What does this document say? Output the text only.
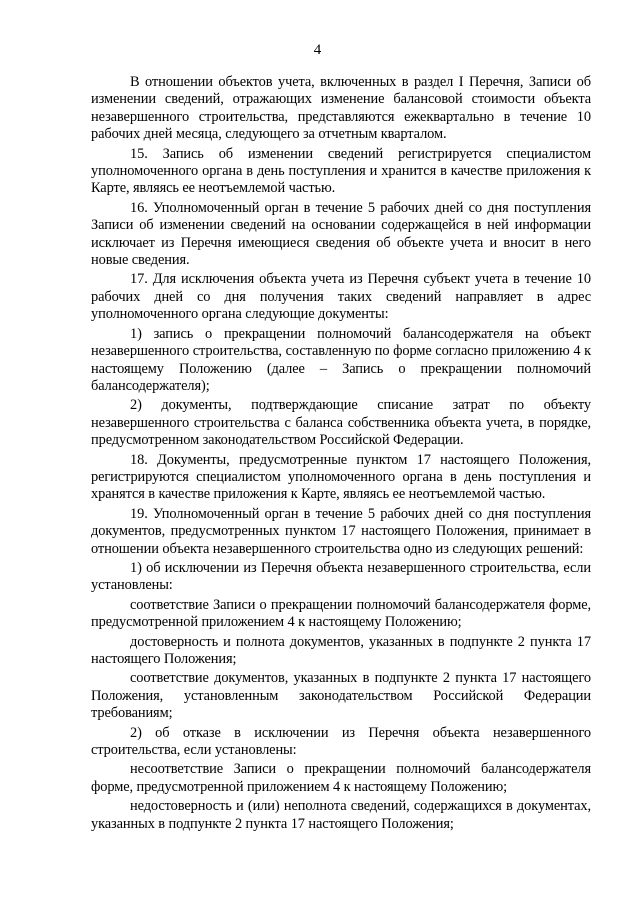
4

В отношении объектов учета, включенных в раздел I Перечня, Записи об изменении сведений, отражающих изменение балансовой стоимости объекта незавершенного строительства, представляются ежеквартально в течение 10 рабочих дней месяца, следующего за отчетным кварталом.

15. Запись об изменении сведений регистрируется специалистом уполномоченного органа в день поступления и хранится в качестве приложения к Карте, являясь ее неотъемлемой частью.

16. Уполномоченный орган в течение 5 рабочих дней со дня поступления Записи об изменении сведений на основании содержащейся в ней информации исключает из Перечня имеющиеся сведения об объекте учета и вносит в него новые сведения.

17. Для исключения объекта учета из Перечня субъект учета в течение 10 рабочих дней со дня получения таких сведений направляет в адрес уполномоченного органа следующие документы:

1) запись о прекращении полномочий балансодержателя на объект незавершенного строительства, составленную по форме согласно приложению 4 к настоящему Положению (далее – Запись о прекращении полномочий балансодержателя);

2) документы, подтверждающие списание затрат по объекту незавершенного строительства с баланса собственника объекта учета, в порядке, предусмотренном законодательством Российской Федерации.

18. Документы, предусмотренные пунктом 17 настоящего Положения, регистрируются специалистом уполномоченного органа в день поступления и хранятся в качестве приложения к Карте, являясь ее неотъемлемой частью.

19. Уполномоченный орган в течение 5 рабочих дней со дня поступления документов, предусмотренных пунктом 17 настоящего Положения, принимает в отношении объекта незавершенного строительства одно из следующих решений:

1) об исключении из Перечня объекта незавершенного строительства, если установлены:

соответствие Записи о прекращении полномочий балансодержателя форме, предусмотренной приложением 4 к настоящему Положению;

достоверность и полнота документов, указанных в подпункте 2 пункта 17 настоящего Положения;

соответствие документов, указанных в подпункте 2 пункта 17 настоящего Положения, установленным законодательством Российской Федерации требованиям;

2) об отказе в исключении из Перечня объекта незавершенного строительства, если установлены:

несоответствие Записи о прекращении полномочий балансодержателя форме, предусмотренной приложением 4 к настоящему Положению;

недостоверность и (или) неполнота сведений, содержащихся в документах, указанных в подпункте 2 пункта 17 настоящего Положения;
